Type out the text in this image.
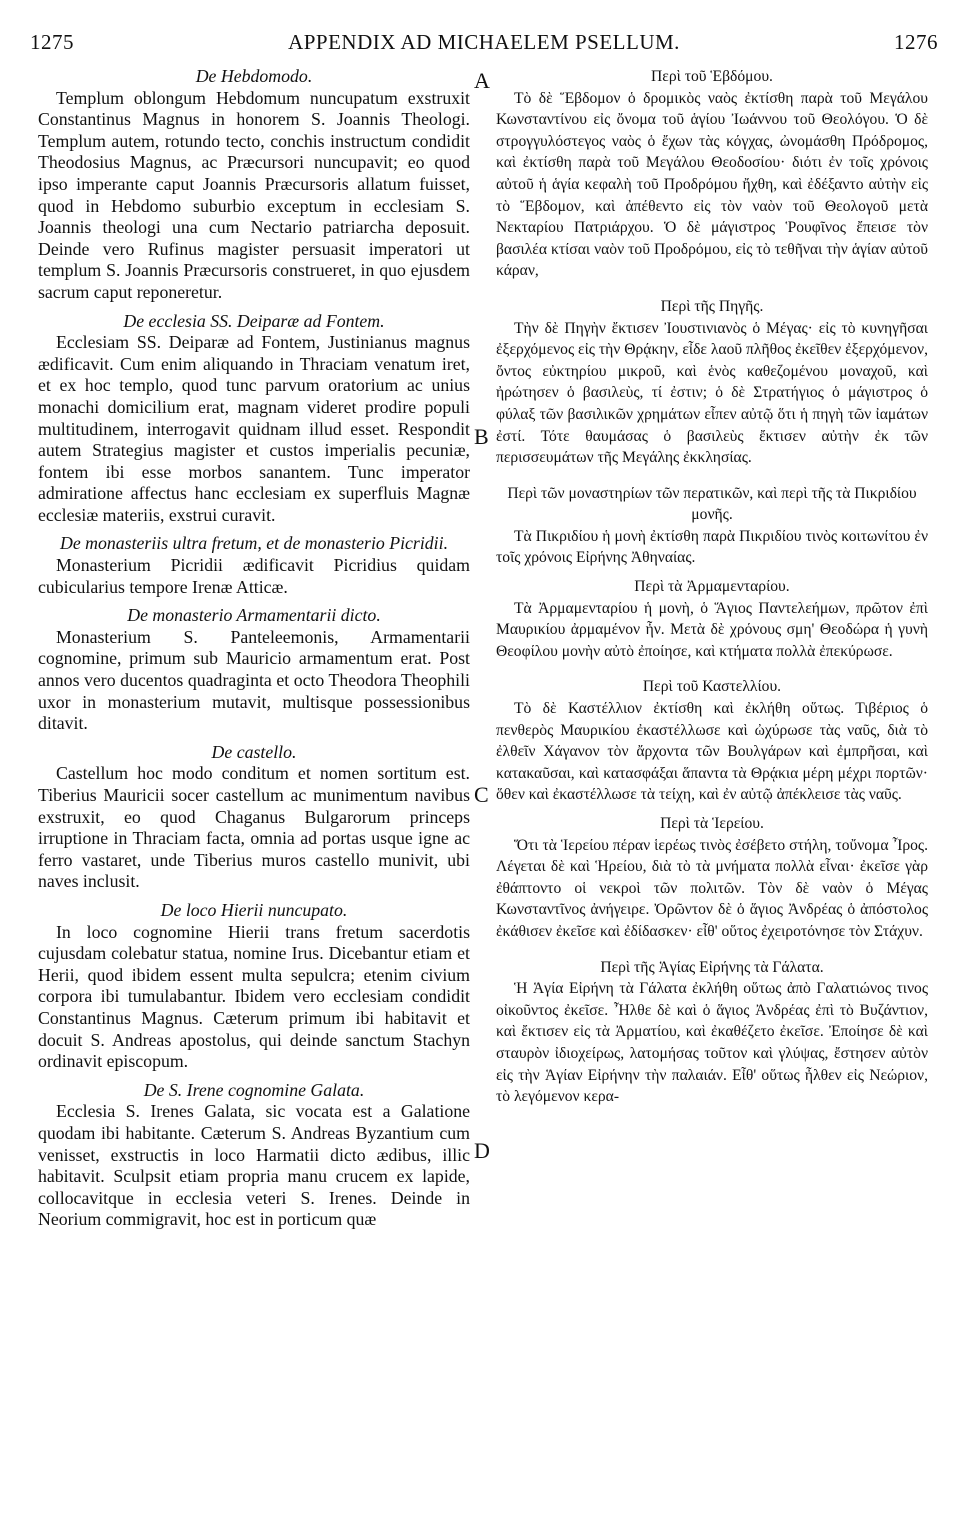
1275	APPENDIX AD MICHAELEM PSELLUM.	1276
A
B
C
D
De Hebdomodo.

Templum oblongum Hebdomum nuncupatum exstruxit Constantinus Magnus in honorem S. Joannis Theologi. Templum autem, rotundo tecto, conchis instructum condidit Theodosius Magnus, ac Præcursori nuncupavit; eo quod ipso imperante caput Joannis Præcursoris allatum fuisset, quod in Hebdomo suburbio exceptum in ecclesiam S. Joannis theologi una cum Nectario patriarcha deposuit. Deinde vero Rufinus magister persuasit imperatori ut templum S. Joannis Præcursoris construeret, in quo ejusdem sacrum caput reponeretur.

De ecclesia SS. Deiparæ ad Fontem.

Ecclesiam SS. Deiparæ ad Fontem, Justinianus magnus ædificavit. Cum enim aliquando in Thraciam venatum iret, et ex hoc templo, quod tunc parvum oratorium ac unius monachi domicilium erat, magnam videret prodire populi multitudinem, interrogavit quidnam illud esset. Respondit autem Strategius magister et custos imperialis pecuniæ, fontem ibi esse morbos sanantem. Tunc imperator admiratione affectus hanc ecclesiam ex superfluis Magnæ ecclesiæ materiis, exstrui curavit.

De monasteriis ultra fretum, et de monasterio Picridii.

Monasterium Picridii ædificavit Picridius quidam cubicularius tempore Irenæ Atticæ.

De monasterio Armamentarii dicto.

Monasterium S. Panteleemonis, Armamentarii cognomine, primum sub Mauricio armamentum erat. Post annos vero ducentos quadraginta et octo Theodora Theophili uxor in monasterium mutavit, multisque possessionibus ditavit.

De castello.

Castellum hoc modo conditum et nomen sortitum est. Tiberius Mauricii socer castellum ac munimentum navibus exstruxit, eo quod Chaganus Bulgarorum princeps irruptione in Thraciam facta, omnia ad portas usque igne ac ferro vastaret, unde Tiberius muros castello munivit, ubi naves inclusit.

De loco Hierii nuncupato.

In loco cognomine Hierii trans fretum sacerdotis cujusdam colebatur statua, nomine Irus. Dicebantur etiam et Herii, quod ibidem essent multa sepulcra; etenim civium corpora ibi tumulabantur. Ibidem vero ecclesiam condidit Constantinus Magnus. Cæterum primum ibi habitavit et docuit S. Andreas apostolus, qui deinde sanctum Stachyn ordinavit episcopum.

De S. Irene cognomine Galata.

Ecclesia S. Irenes Galata, sic vocata est a Galatione quodam ibi habitante. Cæterum S. Andreas Byzantium cum venisset, exstructis in loco Harmatii dicto ædibus, illic habitavit. Sculpsit etiam propria manu crucem ex lapide, collocavitque in ecclesia veteri S. Irenes. Deinde in Neorium commigravit, hoc est in porticum quæ

Περὶ τοῦ Ἑβδόμου.

Τὸ δὲ Ἕβδομον ὁ δρομικὸς ναὸς ἐκτίσθη παρὰ τοῦ Μεγάλου Κωνσταντίνου εἰς ὄνομα τοῦ ἁγίου Ἰωάννου τοῦ Θεολόγου. Ὁ δὲ στρογγυλόστεγος ναὸς ὁ ἔχων τὰς κόγχας, ὠνομάσθη Πρόδρομος, καὶ ἐκτίσθη παρὰ τοῦ Μεγάλου Θεοδοσίου· διότι ἐν τοῖς χρόνοις αὐτοῦ ἡ ἁγία κεφαλὴ τοῦ Προδρόμου ἤχθη, καὶ ἐδέξαντο αὐτὴν εἰς τὸ Ἕβδομον, καὶ ἀπέθεντο εἰς τὸν ναὸν τοῦ Θεολογοῦ μετὰ Νεκταρίου Πατριάρχου. Ὁ δὲ μάγιστρος Ῥουφῖνος ἔπεισε τὸν βασιλέα κτίσαι ναὸν τοῦ Προδρόμου, εἰς τὸ τεθῆναι τὴν ἁγίαν αὐτοῦ κάραν,

Περὶ τῆς Πηγῆς.

Τὴν δὲ Πηγὴν ἔκτισεν Ἰουστινιανὸς ὁ Μέγας· εἰς τὸ κυνηγῆσαι ἐξερχόμενος εἰς τὴν Θρᾴκην, εἶδε λαοῦ πλῆθος ἐκεῖθεν ἐξερχόμενον, ὄντος εὐκτηρίου μικροῦ, καὶ ἑνὸς καθεζομένου μοναχοῦ, καὶ ἠρώτησεν ὁ βασιλεὺς, τί ἐστιν; ὁ δὲ Στρατήγιος ὁ μάγιστρος ὁ φύλαξ τῶν βασιλικῶν χρημάτων εἶπεν αὐτῷ ὅτι ἡ πηγὴ τῶν ἰαμάτων ἐστί. Τότε θαυμάσας ὁ βασιλεὺς ἔκτισεν αὐτὴν ἐκ τῶν περισσευμάτων τῆς Μεγάλης ἐκκλησίας.

Περὶ τῶν μοναστηρίων τῶν περατικῶν, καὶ περὶ τῆς τὰ Πικριδίου μονῆς.

Τὰ Πικριδίου ἡ μονὴ ἐκτίσθη παρὰ Πικριδίου τινὸς κοιτωνίτου ἐν τοῖς χρόνοις Εἰρήνης Ἀθηναίας.

Περὶ τὰ Ἀρμαμενταρίου.

Τὰ Ἀρμαμενταρίου ἡ μονὴ, ὁ Ἅγιος Παντελεήμων, πρῶτον ἐπὶ Μαυρικίου ἀρμαμένον ἦν. Μετὰ δὲ χρόνους σμη' Θεοδώρα ἡ γυνὴ Θεοφίλου μονὴν αὐτὸ ἐποίησε, καὶ κτήματα πολλὰ ἐπεκύρωσε.

Περὶ τοῦ Καστελλίου.

Τὸ δὲ Καστέλλιον ἐκτίσθη καὶ ἐκλήθη οὕτως. Τιβέριος ὁ πενθερὸς Μαυρικίου ἐκαστέλλωσε καὶ ὠχύρωσε τὰς ναῦς, διὰ τὸ ἐλθεῖν Χάγανον τὸν ἄρχοντα τῶν Βουλγάρων καὶ ἐμπρῆσαι, καὶ κατακαῦσαι, καὶ κατασφάξαι ἅπαντα τὰ Θρᾴκια μέρη μέχρι πορτῶν· ὅθεν καὶ ἐκαστέλλωσε τὰ τείχη, καὶ ἐν αὐτῷ ἀπέκλεισε τὰς ναῦς.

Περὶ τὰ Ἱερείου.

Ὅτι τὰ Ἱερείου πέραν ἱερέως τινὸς ἐσέβετο στήλη, τοὔνομα Ἶρος. Λέγεται δὲ καὶ Ἡρείου, διὰ τὸ τὰ μνήματα πολλὰ εἶναι· ἐκεῖσε γὰρ ἐθάπτοντο οἱ νεκροὶ τῶν πολιτῶν. Τὸν δὲ ναὸν ὁ Μέγας Κωνσταντῖνος ἀνήγειρε. Ὀρῶντον δὲ ὁ ἅγιος Ἀνδρέας ὁ ἀπόστολος ἐκάθισεν ἐκεῖσε καὶ ἐδίδασκεν· εἶθ' οὕτος ἐχειροτόνησε τὸν Στάχυν.

Περὶ τῆς Ἁγίας Εἰρήνης τὰ Γάλατα.

Ἡ Ἁγία Εἰρήνη τὰ Γάλατα ἐκλήθη οὕτως ἀπὸ Γαλατιώνος τινος οἰκοῦντος ἐκεῖσε. Ἦλθε δὲ καὶ ὁ ἅγιος Ἀνδρέας ἐπὶ τὸ Βυζάντιον, καὶ ἔκτισεν εἰς τὰ Ἀρματίου, καὶ ἐκαθέζετο ἐκεῖσε. Ἐποίησε δὲ καὶ σταυρὸν ἰδιοχείρως, λατομήσας τοῦτον καὶ γλύψας, ἔστησεν αὐτὸν εἰς τὴν Ἁγίαν Εἰρήνην τὴν παλαιάν. Εἶθ' οὕτως ἦλθεν εἰς Νεώριον, τὸ λεγόμενον κερα-
